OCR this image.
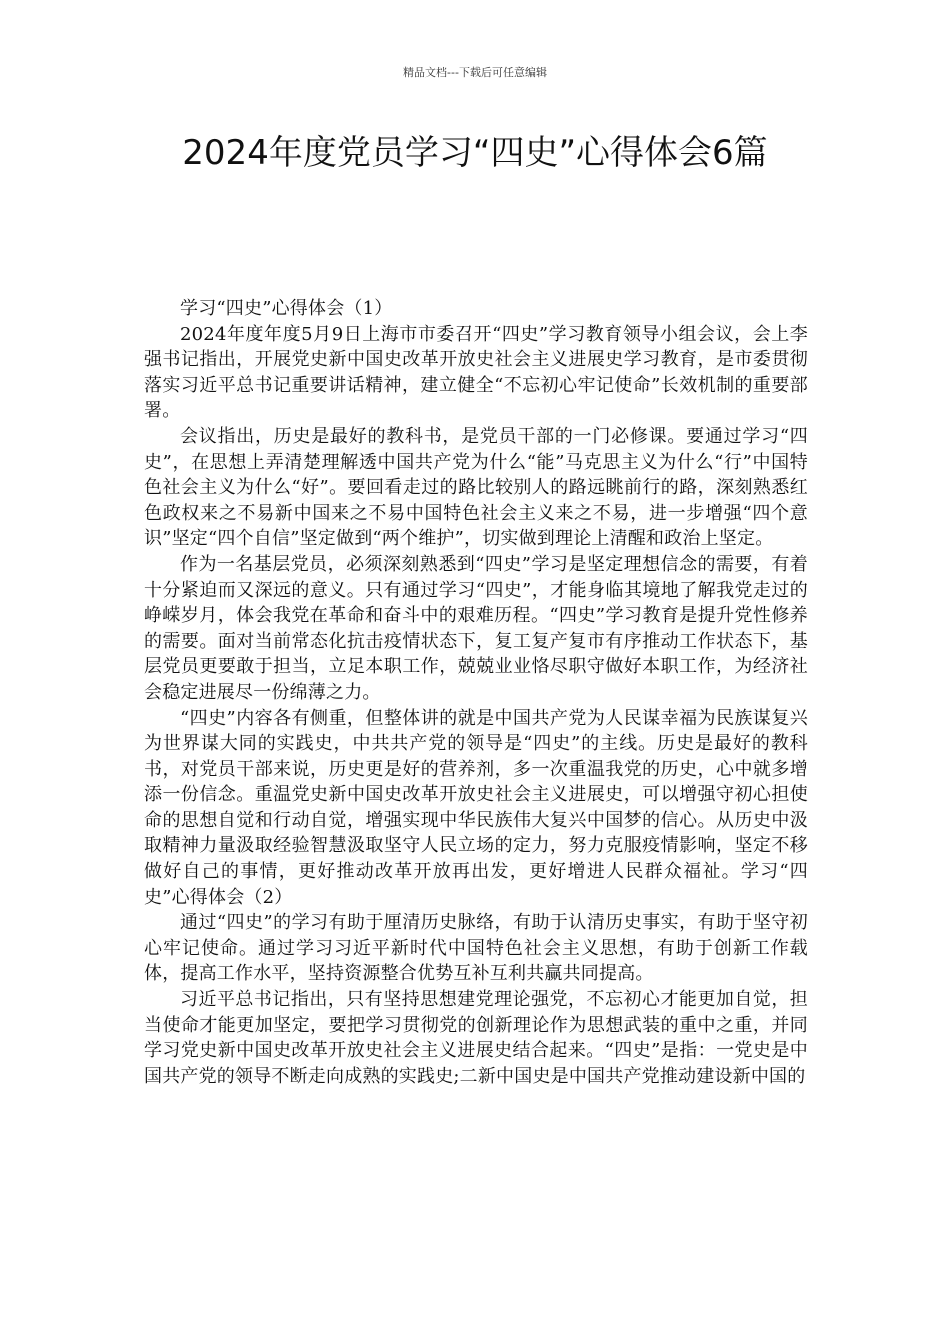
精品文档---下载后可任意编辑
2024年度党员学习“四史”心得体会6篇

学习“四史”心得体会（1）

2024年度年度5月9日上海市市委召开“四史”学习教育领导小组会议，会上李强书记指出，开展党史新中国史改革开放史社会主义进展史学习教育，是市委贯彻落实习近平总书记重要讲话精神，建立健全“不忘初心牢记使命”长效机制的重要部署。

会议指出，历史是最好的教科书，是党员干部的一门必修课。要通过学习“四史”，在思想上弄清楚理解透中国共产党为什么“能”马克思主义为什么“行”中国特色社会主义为什么“好”。要回看走过的路比较别人的路远眺前行的路，深刻熟悉红色政权来之不易新中国来之不易中国特色社会主义来之不易，进一步增强“四个意识”坚定“四个自信”坚定做到“两个维护”，切实做到理论上清醒和政治上坚定。

作为一名基层党员，必须深刻熟悉到“四史”学习是坚定理想信念的需要，有着十分紧迫而又深远的意义。只有通过学习“四史”，才能身临其境地了解我党走过的峥嵘岁月，体会我党在革命和奋斗中的艰难历程。“四史”学习教育是提升党性修养的需要。面对当前常态化抗击疫情状态下，复工复产复市有序推动工作状态下，基层党员更要敢于担当，立足本职工作，兢兢业业恪尽职守做好本职工作，为经济社会稳定进展尽一份绵薄之力。

“四史”内容各有侧重，但整体讲的就是中国共产党为人民谋幸福为民族谋复兴为世界谋大同的实践史，中共共产党的领导是“四史”的主线。历史是最好的教科书，对党员干部来说，历史更是好的营养剂，多一次重温我党的历史，心中就多增添一份信念。重温党史新中国史改革开放史社会主义进展史，可以增强守初心担使命的思想自觉和行动自觉，增强实现中华民族伟大复兴中国梦的信心。从历史中汲取精神力量汲取经验智慧汲取坚守人民立场的定力，努力克服疫情影响，坚定不移做好自己的事情，更好推动改革开放再出发，更好增进人民群众福祉。学习“四史”心得体会（2）

通过“四史”的学习有助于厘清历史脉络，有助于认清历史事实，有助于坚守初心牢记使命。通过学习习近平新时代中国特色社会主义思想，有助于创新工作载体，提高工作水平，坚持资源整合优势互补互利共赢共同提高。

习近平总书记指出，只有坚持思想建党理论强党，不忘初心才能更加自觉，担当使命才能更加坚定，要把学习贯彻党的创新理论作为思想武装的重中之重，并同学习党史新中国史改革开放史社会主义进展史结合起来。“四史”是指：一党史是中国共产党的领导不断走向成熟的实践史;二新中国史是中国共产党推动建设新中国的
